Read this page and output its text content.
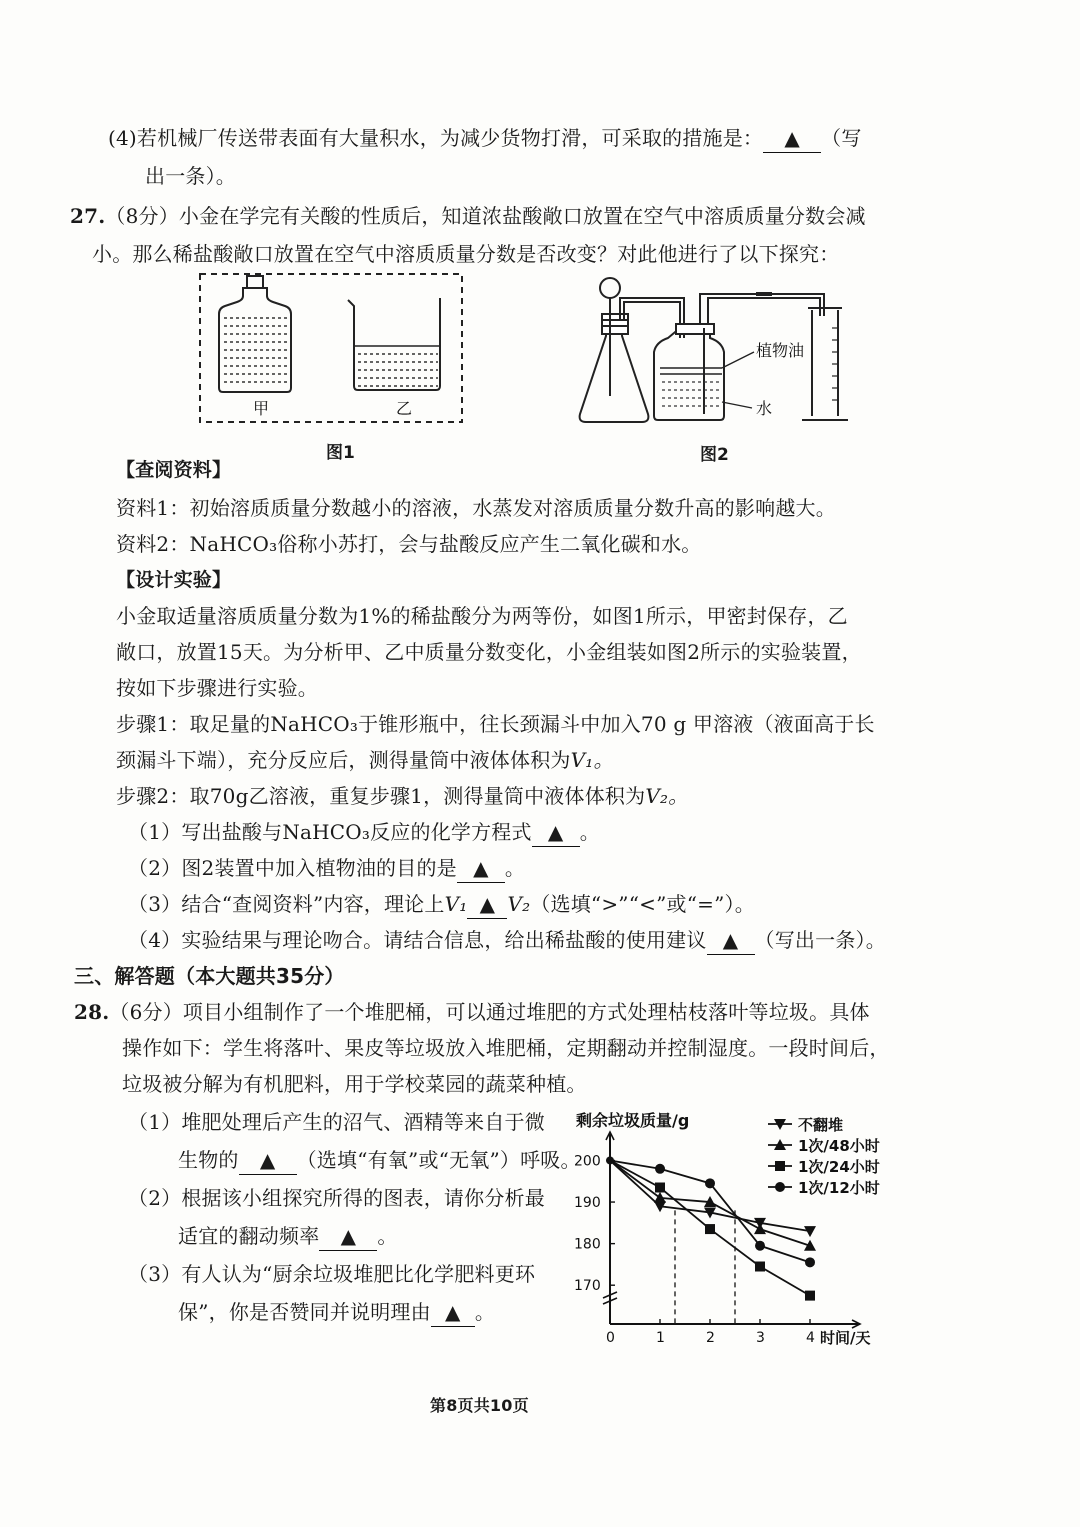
(4)若机械厂传送带表面有大量积水，为减少货物打滑，可采取的措施是： ▲ （写
出一条）。
27.（8分）小金在学完有关酸的性质后，知道浓盐酸敞口放置在空气中溶质质量分数会减
小。那么稀盐酸敞口放置在空气中溶质质量分数是否改变？对此他进行了以下探究：
甲	乙
图1
植物油
水
图2
【查阅资料】
资料1：初始溶质质量分数越小的溶液，水蒸发对溶质质量分数升高的影响越大。
资料2：NaHCO₃俗称小苏打，会与盐酸反应产生二氧化碳和水。
【设计实验】
小金取适量溶质质量分数为1%的稀盐酸分为两等份，如图1所示，甲密封保存，乙
敞口，放置15天。为分析甲、乙中质量分数变化，小金组装如图2所示的实验装置，
按如下步骤进行实验。
步骤1：取足量的NaHCO₃于锥形瓶中，往长颈漏斗中加入70 g 甲溶液（液面高于长
颈漏斗下端），充分反应后，测得量筒中液体体积为V₁。
步骤2：取70g乙溶液，重复步骤1，测得量筒中液体体积为V₂。
（1）写出盐酸与NaHCO₃反应的化学方程式 ▲ 。
（2）图2装置中加入植物油的目的是 ▲ 。
（3）结合“查阅资料”内容，理论上V₁ ▲ V₂（选填“>”“<”或“=”）。
（4）实验结果与理论吻合。请结合信息，给出稀盐酸的使用建议 ▲ （写出一条）。
三、解答题（本大题共35分）
28.（6分）项目小组制作了一个堆肥桶，可以通过堆肥的方式处理枯枝落叶等垃圾。具体
操作如下：学生将落叶、果皮等垃圾放入堆肥桶，定期翻动并控制湿度。一段时间后，
垃圾被分解为有机肥料，用于学校菜园的蔬菜种植。
（1）堆肥处理后产生的沼气、酒精等来自于微
生物的 ▲ （选填“有氧”或“无氧”）呼吸。
（2）根据该小组探究所得的图表，请你分析最
适宜的翻动频率 ▲ 。
（3）有人认为“厨余垃圾堆肥比化学肥料更环
保”，你是否赞同并说明理由 ▲ 。
剩余垃圾质量/g
170
180
190
200
0	1	2	3	4 时间/天
不翻堆
1次/48小时
1次/24小时
1次/12小时
第8页共10页
